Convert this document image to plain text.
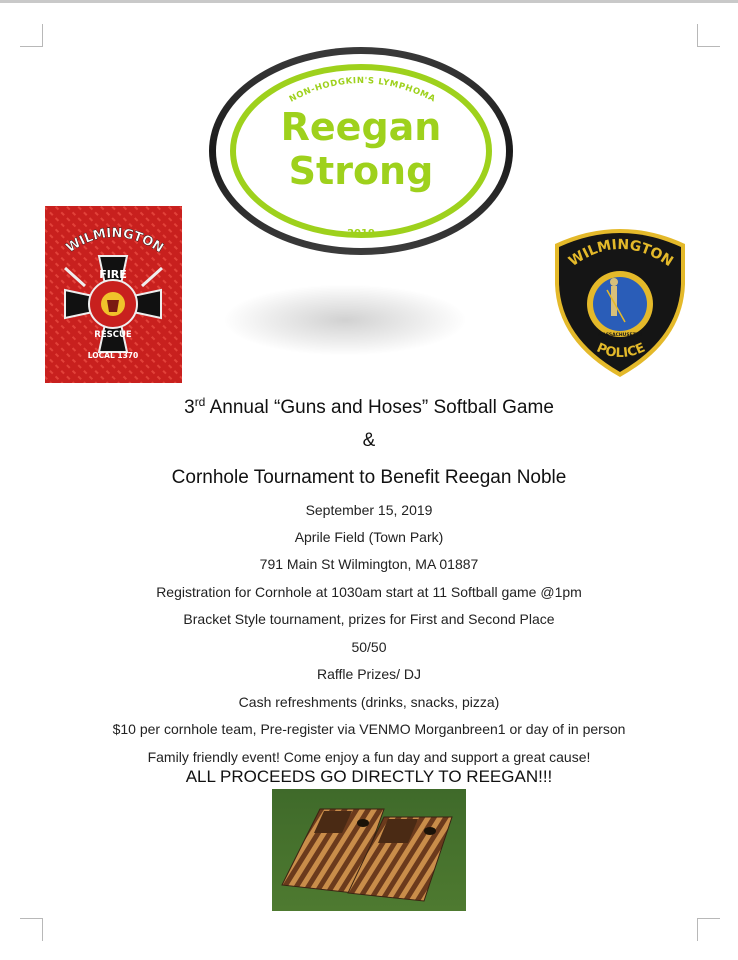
NON-HODGKIN'S LYMPHOMA
Reegan
Strong
2019
WILMINGTON
FIRE
RESCUE
LOCAL 1370
WILMINGTON
MASSACHUSETTS
POLICE
3rd Annual “Guns and Hoses” Softball Game
&
Cornhole Tournament to Benefit Reegan Noble
September 15, 2019
Aprile Field (Town Park)
791 Main St Wilmington, MA 01887
Registration for Cornhole at 1030am start at 11 Softball game @1pm
Bracket Style tournament, prizes for First and Second Place
50/50
Raffle Prizes/ DJ
Cash refreshments (drinks, snacks, pizza)
$10 per cornhole team, Pre-register via VENMO Morganbreen1 or day of in person
Family friendly event! Come enjoy a fun day and support a great cause!
ALL PROCEEDS GO DIRECTLY TO REEGAN!!!
